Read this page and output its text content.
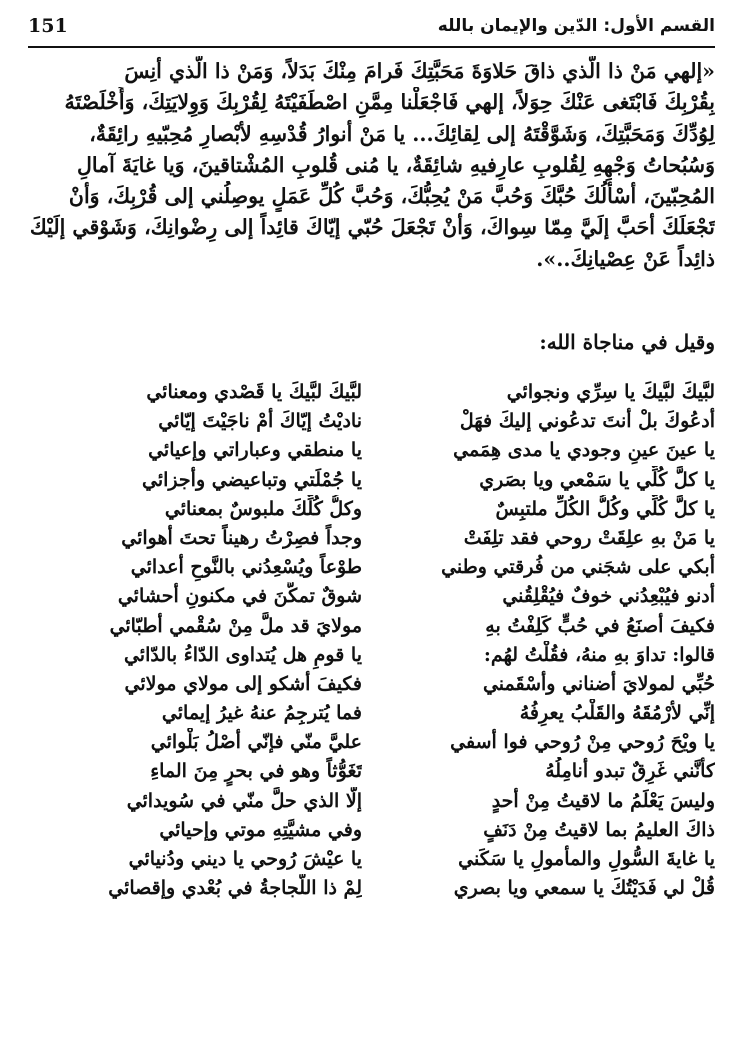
القسم الأول: الدّين والإيمان بالله
151
«إلهي مَنْ ذا الَّذي ذاقَ حَلاوَةَ مَحَبَّتِكَ فَرامَ مِنْكَ بَدَلاً، وَمَنْ ذا الَّذي أنِسَ
بِقُرْبِكَ فَابْتَغى عَنْكَ حِوَلاً، إلهي فَاجْعَلْنا مِمَّنِ اصْطَفَيْتَهُ لِقُرْبِكَ وَوِلايَتِكَ، وَأَخْلَصْتَهُ
لِوُدِّكَ وَمَحَبَّتِكَ، وَشَوَّقْتَهُ إلى لِقائِكَ... يا مَنْ أنوارُ قُدْسِهِ لأبْصارِ مُحِبّيهِ رائِقَةٌ،
وَسُبُحاتُ وَجْهِهِ لِقُلوبِ عارِفيهِ شائِقَةٌ، يا مُنى قُلوبِ المُشْتاقينَ، وَيا غايَةَ آمالِ
المُحِبّينَ، أسْأَلُكَ حُبَّكَ وَحُبَّ مَنْ يُحِبُّكَ، وَحُبَّ كُلِّ عَمَلٍ يوصِلُني إلى قُرْبِكَ، وَأنْ
تَجْعَلَكَ أحَبَّ إلَيَّ مِمّا سِواكَ، وَأنْ تَجْعَلَ حُبّي إيّاكَ قائِداً إلى رِضْوانِكَ، وَشَوْقي إلَيْكَ
ذائِداً عَنْ عِصْيانِكَ..».
وقيل في مناجاة الله:
لبَّيكَ لبَّيكَ يا سِرِّي ونجوائي
أدعُوكَ بلْ أنتَ تدعُوني إليكَ فهَلْ
يا عينَ عينِ وجودي يا مدى هِمَمي
يا كلَّ كُلِّي يا سَمْعي ويا بصَري
يا كلَّ كُلِّي وكُلُّ الكُلِّ ملتبِسٌ
يا مَنْ بهِ علِقَتْ روحي فقد تلِفَتْ
أبكي على شجَني من فُرقتي وطني
أدنو فيُبْعِدُني خوفٌ فيُقْلِقُني
فكيفَ أصنَعُ في حُبٍّ كَلِفْتُ بهِ
قالوا: تداوَ بهِ منهُ، فقُلْتُ لهُم:
حُبِّي لمولايَ أضناني وأسْقَمني
إنِّي لأرْمُقَهُ والقَلْبُ يعرِفُهُ
يا ويْحَ رُوحي مِنْ رُوحي فوا أسفي
كأنَّني غَرِقٌ تبدو أنامِلُهُ
وليسَ يَعْلَمُ ما لاقيتُ مِنْ أحدٍ
ذاكَ العليمُ بما لاقيتُ مِنْ دَنَفٍ
يا غايةَ السُّولِ والمأمولِ يا سَكَني
قُلْ لي فَدَيْتُكَ يا سمعي ويا بصري
لبَّيكَ لبَّيكَ يا قَصْدي ومعنائي
ناديْتُ إيّاكَ أمْ ناجَيْتَ إيّائي
يا منطقي وعباراتي وإعيائي
يا جُمْلَتي وتباعيضي وأجزائي
وكلُّ كُلِّكَ ملبوسٌ بمعنائي
وجداً فصِرْتُ رهيناً تحتَ أهوائي
طوْعاً ويُسْعِدُني بالنَّوحِ أعدائي
شوقٌ تمكَّنَ في مكنونِ أحشائي
مولايَ قد ملَّ مِنْ سُقْمي أطبّائي
يا قومِ هل يُتداوى الدّاءُ بالدّائي
فكيفَ أشكو إلى مولاي مولائي
فما يُترجِمُ عنهُ غيرُ إيمائي
عليَّ منّي فإنّي أصْلُ بَلْوائي
تَغَوُّثاً وهو في بحرٍ مِنَ الماءِ
إلّا الذي حلَّ منّي في سُويدائي
وفي مشيَّتِهِ موتي وإحيائي
يا عيْشَ رُوحي يا ديني ودُنيائي
لِمْ ذا اللَّجاجةُ في بُعْدي وإقصائي
